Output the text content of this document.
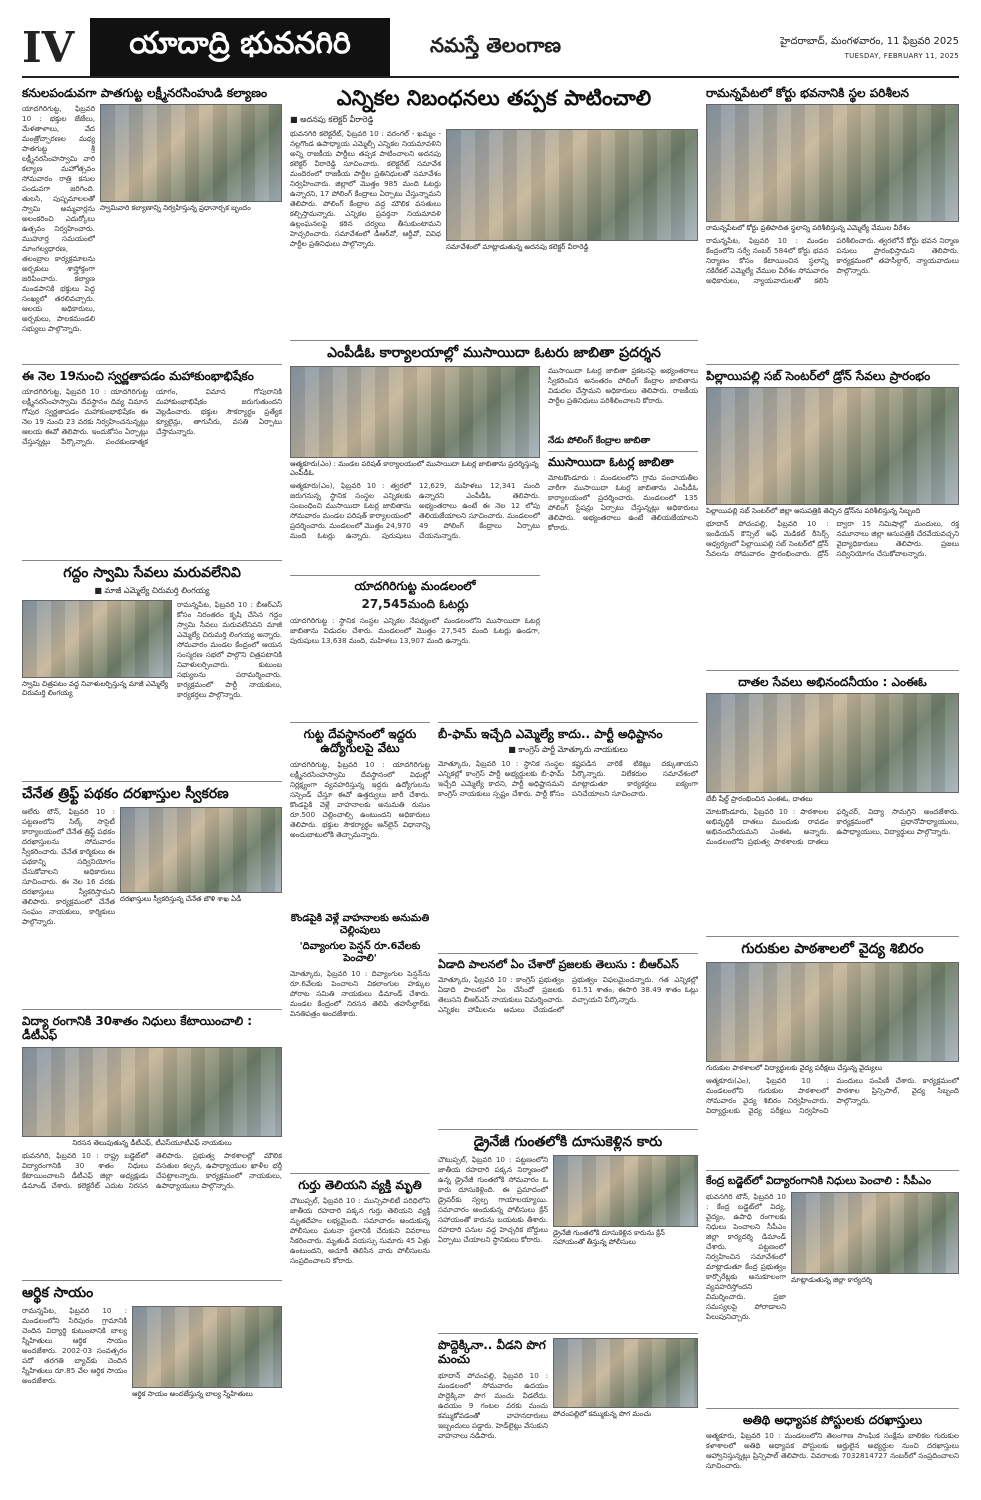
IV	యాదాద్రి భువనగిరి	నమస్తే తెలంగాణ	హైదరాబాద్, మంగళవారం, 11 ఫిబ్రవరి 2025
TUESDAY, FEBRUARY 11, 2025
కనులపండువగా పాతగుట్ట లక్ష్మీనరసింహుడి కల్యాణం
స్వామివారి కల్యాణాన్ని నిర్వహిస్తున్న ప్రధానార్చక బృందం
యాదగిరిగుట్ట, ఫిబ్రవరి 10 : భక్తుల జేజేలు, మేళతాళాలు, వేద మంత్రోచ్ఛారణల మధ్య పాతగుట్ట శ్రీ లక్ష్మీనరసింహస్వామి వారి కల్యాణ మహోత్సవం సోమవారం రాత్రి కనుల పండువగా జరిగింది. తులసి, పుష్పమాలలతో స్వామి అమ్మవార్లను అలంకరించి ఎదుర్కోలు ఉత్సవం నిర్వహించారు. ముహూర్త సమయంలో మాంగల్యధారణ, తలంబ్రాల కార్యక్రమాలను అర్చకులు శాస్త్రోక్తంగా జరిపించారు. కల్యాణ మండపానికి భక్తులు పెద్ద సంఖ్యలో తరలివచ్చారు. ఆలయ అధికారులు, అర్చకులు, పాలకమండలి సభ్యులు పాల్గొన్నారు.
ఈ నెల 19నుంచి స్వర్ణతాపడం మహాకుంభాభిషేకం
యాదగిరిగుట్ట, ఫిబ్రవరి 10 : యాదగిరిగుట్ట లక్ష్మీనరసింహస్వామి దేవస్థానం దివ్య విమాన గోపుర స్వర్ణతాపడం మహాకుంభాభిషేకం ఈ నెల 19 నుంచి 23 వరకు నిర్వహించనున్నట్లు ఆలయ ఈవో తెలిపారు. ఇందుకోసం ఏర్పాట్లు చేస్తున్నట్లు పేర్కొన్నారు. పంచకుండాత్మక యాగం, విమాన గోపురానికి మహాకుంభాభిషేకం జరుగుతుందని వెల్లడించారు. భక్తుల సౌకర్యార్థం ప్రత్యేక క్యూలైన్లు, తాగునీరు, వసతి ఏర్పాటు చేస్తామన్నారు.
గద్దం స్వామి సేవలు మరువలేనివి
■ మాజీ ఎమ్మెల్యే చిరుమర్తి లింగయ్య
స్వామి చిత్రపటం వద్ద నివాళులర్పిస్తున్న మాజీ ఎమ్మెల్యే చిరుమర్తి లింగయ్య
రామన్నపేట, ఫిబ్రవరి 10 : బీఆర్ఎస్ కోసం నిరంతరం కృషి చేసిన గద్దం స్వామి సేవలు మరువలేనివని మాజీ ఎమ్మెల్యే చిరుమర్తి లింగయ్య అన్నారు. సోమవారం మండల కేంద్రంలో ఆయన సంస్మరణ సభలో పాల్గొని చిత్రపటానికి నివాళులర్పించారు. కుటుంబ సభ్యులను పరామర్శించారు. కార్యక్రమంలో పార్టీ నాయకులు, కార్యకర్తలు పాల్గొన్నారు.
చేనేత త్రిఫ్ట్ పథకం దరఖాస్తుల స్వీకరణ
దరఖాస్తులు స్వీకరిస్తున్న చేనేత జౌళి శాఖ ఏడీ
ఆలేరు టౌన్, ఫిబ్రవరి 10 : పట్టణంలోని సిల్క్ సొసైటీ కార్యాలయంలో చేనేత త్రిఫ్ట్ పథకం దరఖాస్తులను సోమవారం స్వీకరించారు. చేనేత కార్మికులు ఈ పథకాన్ని సద్వినియోగం చేసుకోవాలని అధికారులు సూచించారు. ఈ నెల 16 వరకు దరఖాస్తులు స్వీకరిస్తామని తెలిపారు. కార్యక్రమంలో చేనేత సంఘం నాయకులు, కార్మికులు పాల్గొన్నారు.
విద్యా రంగానికి 30శాతం నిధులు కేటాయించాలి : డీటీఎఫ్
నిరసన తెలుపుతున్న డీటీఎఫ్, టీఎస్‌యూటీఎఫ్ నాయకులు
భువనగిరి, ఫిబ్రవరి 10 : రాష్ట్ర బడ్జెట్‌లో విద్యారంగానికి 30 శాతం నిధులు కేటాయించాలని డీటీఎఫ్ జిల్లా అధ్యక్షుడు డిమాండ్ చేశారు. కలెక్టరేట్ ఎదుట నిరసన తెలిపారు. ప్రభుత్వ పాఠశాలల్లో మౌలిక వసతుల కల్పన, ఉపాధ్యాయుల ఖాళీల భర్తీ చేపట్టాలన్నారు. కార్యక్రమంలో నాయకులు, ఉపాధ్యాయులు పాల్గొన్నారు.
ఆర్థిక సాయం
ఆర్థిక సాయం అందజేస్తున్న బాల్య స్నేహితులు
రామన్నపేట, ఫిబ్రవరి 10 : మండలంలోని సిరిపురం గ్రామానికి చెందిన విద్యార్థి కుటుంబానికి బాల్య స్నేహితులు ఆర్థిక సాయం అందజేశారు. 2002-03 సంవత్సరం పదో తరగతి బ్యాచ్‌కు చెందిన స్నేహితులు రూ.85 వేల ఆర్థిక సాయం అందజేశారు.
ఎన్నికల నిబంధనలు తప్పక పాటించాలి
■ అదనపు కలెక్టర్ వీరారెడ్డి
సమావేశంలో మాట్లాడుతున్న అదనపు కలెక్టర్ వీరారెడ్డి
భువనగిరి కలెక్టరేట్, ఫిబ్రవరి 10 : వరంగల్ - ఖమ్మం - నల్లగొండ ఉపాధ్యాయ ఎమ్మెల్సీ ఎన్నికల నియమావళిని అన్ని రాజకీయ పార్టీలు తప్పక పాటించాలని అదనపు కలెక్టర్ వీరారెడ్డి సూచించారు. కలెక్టరేట్ సమావేశ మందిరంలో రాజకీయ పార్టీల ప్రతినిధులతో సమావేశం నిర్వహించారు. జిల్లాలో మొత్తం 985 మంది ఓటర్లు ఉన్నారని, 17 పోలింగ్ కేంద్రాలు ఏర్పాటు చేస్తున్నామని తెలిపారు. పోలింగ్ కేంద్రాల వద్ద మౌలిక వసతులు కల్పిస్తామన్నారు. ఎన్నికల ప్రవర్తనా నియమావళి ఉల్లంఘనలపై కఠిన చర్యలు తీసుకుంటామని హెచ్చరించారు. సమావేశంలో డీఆర్‌వో, ఆర్డీవో, వివిధ పార్టీల ప్రతినిధులు పాల్గొన్నారు.
ఎంపీడీఓ కార్యాలయాల్లో ముసాయిదా ఓటరు జాబితా ప్రదర్శన
ఆత్మకూరు(ఎం) : మండల పరిషత్ కార్యాలయంలో ముసాయిదా ఓటర్ల జాబితాను ప్రదర్శిస్తున్న ఎంపీడీఓ
ఆత్మకూరు(ఎం), ఫిబ్రవరి 10 : త్వరలో జరుగనున్న స్థానిక సంస్థల ఎన్నికలకు సంబంధించి ముసాయిదా ఓటర్ల జాబితాను సోమవారం మండల పరిషత్ కార్యాలయంలో ప్రదర్శించారు. మండలంలో మొత్తం 24,970 మంది ఓటర్లు ఉన్నారు. పురుషులు 12,629, మహిళలు 12,341 మంది ఉన్నారని ఎంపీడీఓ తెలిపారు. అభ్యంతరాలు ఉంటే ఈ నెల 12 లోపు తెలియజేయాలని సూచించారు. మండలంలో 49 పోలింగ్ కేంద్రాలు ఏర్పాటు చేయనున్నారు.
యాదగిరిగుట్ట మండలంలో
27,545మంది ఓటర్లు
యాదగిరిగుట్ట : స్థానిక సంస్థల ఎన్నికల నేపథ్యంలో మండలంలోని ముసాయిదా ఓటర్ల జాబితాను విడుదల చేశారు. మండలంలో మొత్తం 27,545 మంది ఓటర్లు ఉండగా, పురుషులు 13,638 మంది, మహిళలు 13,907 మంది ఉన్నారు.
ముసాయిదా ఓటర్ల జాబితా ప్రకటనపై అభ్యంతరాలు స్వీకరించిన అనంతరం పోలింగ్ కేంద్రాల జాబితాను విడుదల చేస్తామని అధికారులు తెలిపారు. రాజకీయ పార్టీల ప్రతినిధులు పరిశీలించాలని కోరారు.
నేడు పోలింగ్ కేంద్రాల జాబితా
ముసాయిదా ఓటర్ల జాబితా
మోటకొండూరు : మండలంలోని గ్రామ పంచాయతీల వారీగా ముసాయిదా ఓటర్ల జాబితాను ఎంపీడీఓ కార్యాలయంలో ప్రదర్శించారు. మండలంలో 135 పోలింగ్ స్టేషన్లు ఏర్పాటు చేస్తున్నట్లు అధికారులు తెలిపారు. అభ్యంతరాలు ఉంటే తెలియజేయాలని కోరారు.
గుట్ట దేవస్థానంలో ఇద్దరు ఉద్యోగులపై వేటు
యాదగిరిగుట్ట, ఫిబ్రవరి 10 : యాదగిరిగుట్ట లక్ష్మీనరసింహస్వామి దేవస్థానంలో విధుల్లో నిర్లక్ష్యంగా వ్యవహరిస్తున్న ఇద్దరు ఉద్యోగులను సస్పెండ్ చేస్తూ ఈవో ఉత్తర్వులు జారీ చేశారు. కొండపైకి వెళ్లే వాహనాలకు అనుమతి రుసుం రూ.500 చెల్లించాల్సి ఉంటుందని అధికారులు తెలిపారు. భక్తుల సౌకర్యార్థం ఆన్‌లైన్ విధానాన్ని అందుబాటులోకి తెచ్చామన్నారు.
కొండపైకి వెళ్లే వాహనాలకు అనుమతి చెల్లింపులు
'దివ్యాంగుల పెన్షన్ రూ.6వేలకు పెంచాలి'
మోత్కూరు, ఫిబ్రవరి 10 : దివ్యాంగుల పెన్షన్‌ను రూ.6వేలకు పెంచాలని వికలాంగుల హక్కుల పోరాట సమితి నాయకులు డిమాండ్ చేశారు. మండల కేంద్రంలో నిరసన తెలిపి తహసీల్దార్‌కు వినతిపత్రం అందజేశారు.
గుర్తు తెలియని వ్యక్తి మృతి
చౌటుప్పల్, ఫిబ్రవరి 10 : మున్సిపాలిటీ పరిధిలోని జాతీయ రహదారి పక్కన గుర్తు తెలియని వ్యక్తి మృతదేహం లభ్యమైంది. సమాచారం అందుకున్న పోలీసులు ఘటనా స్థలానికి చేరుకుని వివరాలు సేకరించారు. మృతుడి వయస్సు సుమారు 45 ఏళ్లు ఉంటుందని, ఆచూకీ తెలిసిన వారు పోలీసులను సంప్రదించాలని కోరారు.
బీ-ఫామ్ ఇచ్చేది ఎమ్మెల్యే కాదు.. పార్టీ అధిష్టానం
■ కాంగ్రెస్ పార్టీ మోత్కూరు నాయకులు
మోత్కూరు, ఫిబ్రవరి 10 : స్థానిక సంస్థల ఎన్నికల్లో కాంగ్రెస్ పార్టీ అభ్యర్థులకు బీ-ఫామ్ ఇచ్చేది ఎమ్మెల్యే కాదని, పార్టీ అధిష్టానమని కాంగ్రెస్ నాయకులు స్పష్టం చేశారు. పార్టీ కోసం కష్టపడిన వారికే టికెట్లు దక్కుతాయని పేర్కొన్నారు. విలేకరుల సమావేశంలో మాట్లాడుతూ కార్యకర్తలు ఐక్యంగా పనిచేయాలని సూచించారు.
ఏడాది పాలనలో ఏం చేశారో ప్రజలకు తెలుసు : బీఆర్ఎస్
మోత్కూరు, ఫిబ్రవరి 10 : కాంగ్రెస్ ప్రభుత్వం ఏడాది పాలనలో ఏం చేసిందో ప్రజలకు తెలుసని బీఆర్ఎస్ నాయకులు విమర్శించారు. ఎన్నికల హామీలను అమలు చేయడంలో ప్రభుత్వం విఫలమైందన్నారు. గత ఎన్నికల్లో 61.51 శాతం, ఈసారి 38.49 శాతం ఓట్లు వచ్చాయని పేర్కొన్నారు.
డ్రైనేజీ గుంతలోకి దూసుకెళ్లిన కారు
డ్రైనేజీ గుంతలోకి దూసుకెళ్లిన కారును క్రేన్ సహాయంతో తీస్తున్న పోలీసులు
చౌటుప్పల్, ఫిబ్రవరి 10 : పట్టణంలోని జాతీయ రహదారి పక్కన నిర్మాణంలో ఉన్న డ్రైనేజీ గుంతలోకి సోమవారం ఓ కారు దూసుకెళ్లింది. ఈ ప్రమాదంలో డ్రైవర్‌కు స్వల్ప గాయాలయ్యాయి. సమాచారం అందుకున్న పోలీసులు క్రేన్ సహాయంతో కారును బయటకు తీశారు. రహదారి పనుల వద్ద హెచ్చరిక బోర్డులు ఏర్పాటు చేయాలని స్థానికులు కోరారు.
పోచంపల్లిలో కమ్ముకున్న పొగ మంచు
పొద్దెక్కినా.. వీడని పొగ మంచు
భూదాన్ పోచంపల్లి, ఫిబ్రవరి 10 : మండలంలో సోమవారం ఉదయం పొద్దెక్కినా పొగ మంచు వీడలేదు. ఉదయం 9 గంటల వరకు మంచు కమ్ముకోవడంతో వాహనదారులు ఇబ్బందులు పడ్డారు. హెడ్‌లైట్లు వేసుకుని వాహనాలు నడిపారు.
రామన్నపేటలో కోర్టు భవనానికి స్థల పరిశీలన
రామన్నపేటలో కోర్టు ప్రతిపాదిత స్థలాన్ని పరిశీలిస్తున్న ఎమ్మెల్యే వేముల వీరేశం
రామన్నపేట, ఫిబ్రవరి 10 : మండల కేంద్రంలోని సర్వే నంబర్ 584లో కోర్టు భవన నిర్మాణం కోసం కేటాయించిన స్థలాన్ని నకిరేకల్ ఎమ్మెల్యే వేముల వీరేశం సోమవారం అధికారులు, న్యాయవాదులతో కలిసి పరిశీలించారు. త్వరలోనే కోర్టు భవన నిర్మాణ పనులు ప్రారంభిస్తామని తెలిపారు. కార్యక్రమంలో తహసీల్దార్, న్యాయవాదులు పాల్గొన్నారు.
పిల్లాయిపల్లి సబ్ సెంటర్‌లో డ్రోన్ సేవలు ప్రారంభం
పిల్లాయిపల్లి సబ్ సెంటర్‌లో జిల్లా ఆసుపత్రికి తెచ్చిన డ్రోన్‌ను పరిశీలిస్తున్న సిబ్బంది
భూదాన్ పోచంపల్లి, ఫిబ్రవరి 10 : ఇండియన్ కౌన్సిల్ ఆఫ్ మెడికల్ రీసెర్చ్ ఆధ్వర్యంలో పిల్లాయిపల్లి సబ్ సెంటర్‌లో డ్రోన్ సేవలను సోమవారం ప్రారంభించారు. డ్రోన్ ద్వారా 15 నిమిషాల్లో మందులు, రక్త నమూనాలు జిల్లా ఆసుపత్రికి చేరవేయవచ్చని వైద్యాధికారులు తెలిపారు. ప్రజలు సద్వినియోగం చేసుకోవాలన్నారు.
దాతల సేవలు అభినందనీయం : ఎంఈఓ
బేబీ షీల్డ్ ప్రారంభించిన ఎంఈఓ, దాతలు
మోటకొండూరు, ఫిబ్రవరి 10 : పాఠశాలల అభివృద్ధికి దాతలు ముందుకు రావడం అభినందనీయమని ఎంఈఓ అన్నారు. మండలంలోని ప్రభుత్వ పాఠశాలకు దాతలు ఫర్నిచర్, విద్యా సామగ్రిని అందజేశారు. కార్యక్రమంలో ప్రధానోపాధ్యాయులు, ఉపాధ్యాయులు, విద్యార్థులు పాల్గొన్నారు.
గురుకుల పాఠశాలలో వైద్య శిబిరం
గురుకుల పాఠశాలలో విద్యార్థులకు వైద్య పరీక్షలు చేస్తున్న వైద్యులు
ఆత్మకూరు(ఎం), ఫిబ్రవరి 10 : మండలంలోని గురుకుల పాఠశాలలో సోమవారం వైద్య శిబిరం నిర్వహించారు. విద్యార్థులకు వైద్య పరీక్షలు నిర్వహించి మందులు పంపిణీ చేశారు. కార్యక్రమంలో పాఠశాల ప్రిన్సిపాల్, వైద్య సిబ్బంది పాల్గొన్నారు.
కేంద్ర బడ్జెట్‌లో విద్యారంగానికి నిధులు పెంచాలి : సీపీఎం
మాట్లాడుతున్న జిల్లా కార్యదర్శి
భువనగిరి టౌన్, ఫిబ్రవరి 10 : కేంద్ర బడ్జెట్‌లో విద్య, వైద్యం, ఉపాధి రంగాలకు నిధులు పెంచాలని సీపీఎం జిల్లా కార్యదర్శి డిమాండ్ చేశారు. పట్టణంలో నిర్వహించిన సమావేశంలో మాట్లాడుతూ కేంద్ర ప్రభుత్వం కార్పొరేట్లకు అనుకూలంగా వ్యవహరిస్తోందని విమర్శించారు. ప్రజా సమస్యలపై పోరాడాలని పిలుపునిచ్చారు.
అతిథి అధ్యాపక పోస్టులకు దరఖాస్తులు
ఆత్మకూరు, ఫిబ్రవరి 10 : మండలంలోని తెలంగాణ సాంఘిక సంక్షేమ బాలికల గురుకుల కళాశాలలో అతిథి అధ్యాపక పోస్టులకు అర్హులైన అభ్యర్థుల నుంచి దరఖాస్తులు ఆహ్వానిస్తున్నట్లు ప్రిన్సిపాల్ తెలిపారు. వివరాలకు 7032814727 నంబర్‌లో సంప్రదించాలని సూచించారు.
